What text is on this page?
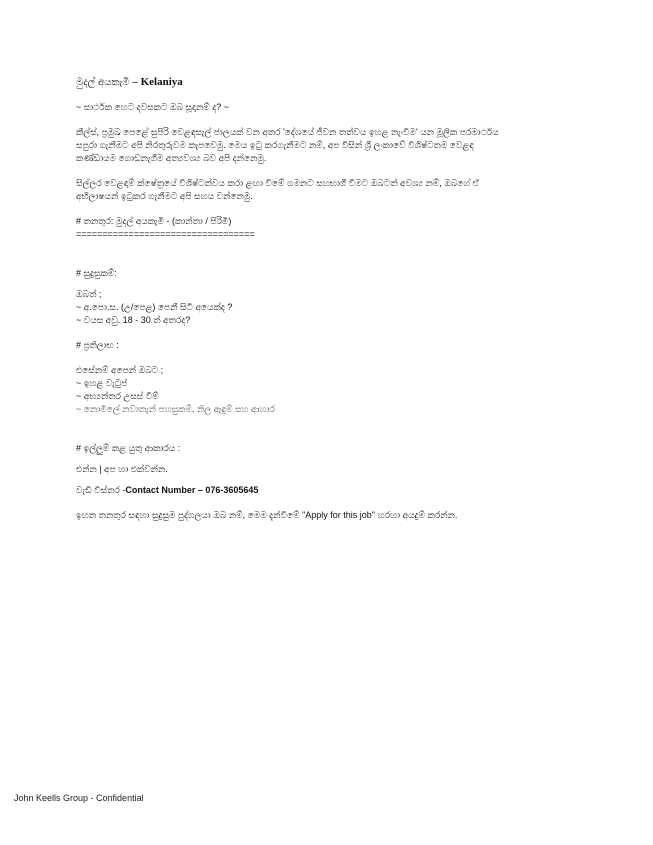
මුදල් අයකැමි – Kelaniya

~ සාර්ථක හෙට දවසකට ඔබ සූදානම් ද? ~

කීල්ස්, ප්‍රමුඛ පෙළේ සුපිරි වෙළඳසැල් ජාලයක් වන අතර 'දේශයේ ජීවන තත්වය ඉහළ නැංවීම' යන මූලික පරමාර්ථය

සපුරා ගැනීමට අපි නිරතුරුවම කැපවෙමු. මෙය ඉටු කරගැනීමට නම්, අප විසින් ශ්‍රී ලංකාවේ විශිෂ්ටතම වෙළඳ

කණ්ඩායම ගොඩනැගීම අත්‍යවශ්‍ය බව අපි දන්නෙමු.

සිල්ලර වෙළඳාම් ක්ෂේත්‍රයේ විශිෂ්ටත්වය කරා ළඟා වීමේ ගමනට සහභාගී වීමට ඔබටත් අවශ්‍ය නම්, ඔබගේ ඒ

අභිලාෂයන් ඉටුකර ගැනීමට අපි සහය වන්නෙමු.

# තනතුර: මුදල් අයකැමි - (කාන්තා / පිරිමි)

==================================

# සුදුසුකම්:

ඔබත් ;

~ අ.පො.ස. (උ/පෙළ) පෙනී සිටි අයෙක්ද ?

~ වයස අවු. 18 - 30 ත් අතරද?

# ප්‍රතිලාභ :

එසේනම් අපෙන් ඔබට ;

~ ඉහළ වැටුප්

~ අභ්‍යන්තර උසස් වීම්

~ නොමිලේ නවාතැන් පහසුකම්, නිල ඇඳුම් සහ ආහාර

# ඉල්ලුම් කළ යුතු ආකාරය :

එන්න | අප හා එක්වන්න.

වැඩි විස්තර -Contact Number – 076-3605645

ඉහත තනතුර සඳහා සුදුසුම පුද්ගලයා ඔබ නම්, මෙම දැන්වීමේ "Apply for this job" හරහා අයදුම් කරන්න.

John Keells Group - Confidential
